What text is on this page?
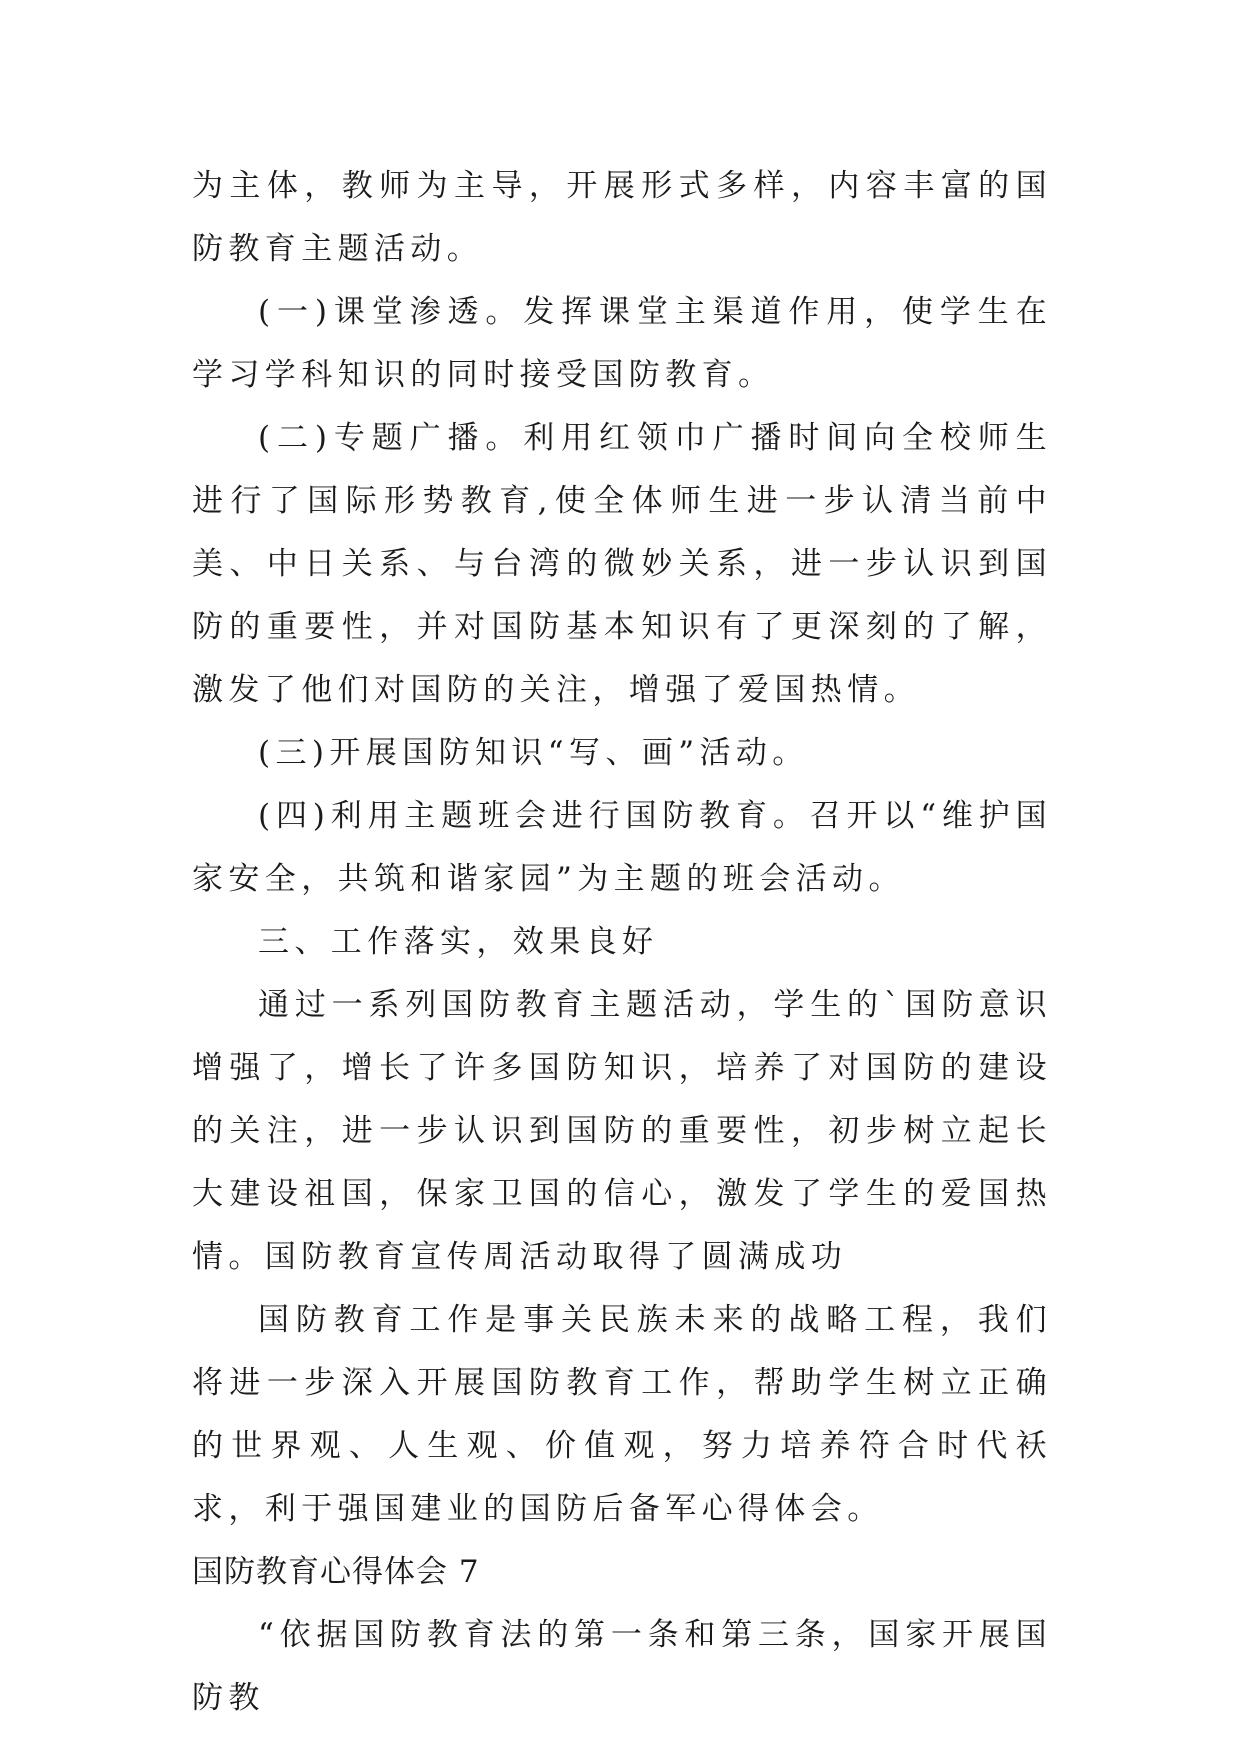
为主体，教师为主导，开展形式多样，内容丰富的国防教育主题活动。

(一)课堂渗透。发挥课堂主渠道作用，使学生在学习学科知识的同时接受国防教育。

(二)专题广播。利用红领巾广播时间向全校师生进行了国际形势教育,使全体师生进一步认清当前中美、中日关系、与台湾的微妙关系，进一步认识到国防的重要性，并对国防基本知识有了更深刻的了解，激发了他们对国防的关注，增强了爱国热情。

(三)开展国防知识“写、画”活动。

(四)利用主题班会进行国防教育。召开以“维护国家安全，共筑和谐家园”为主题的班会活动。

三、工作落实，效果良好

通过一系列国防教育主题活动，学生的`国防意识增强了，增长了许多国防知识，培养了对国防的建设的关注，进一步认识到国防的重要性，初步树立起长大建设祖国，保家卫国的信心，激发了学生的爱国热情。国防教育宣传周活动取得了圆满成功

国防教育工作是事关民族未来的战略工程，我们将进一步深入开展国防教育工作，帮助学生树立正确的世界观、人生观、价值观，努力培养符合时代袄求，利于强国建业的国防后备军心得体会。

国防教育心得体会 7

“依据国防教育法的第一条和第三条，国家开展国防教
